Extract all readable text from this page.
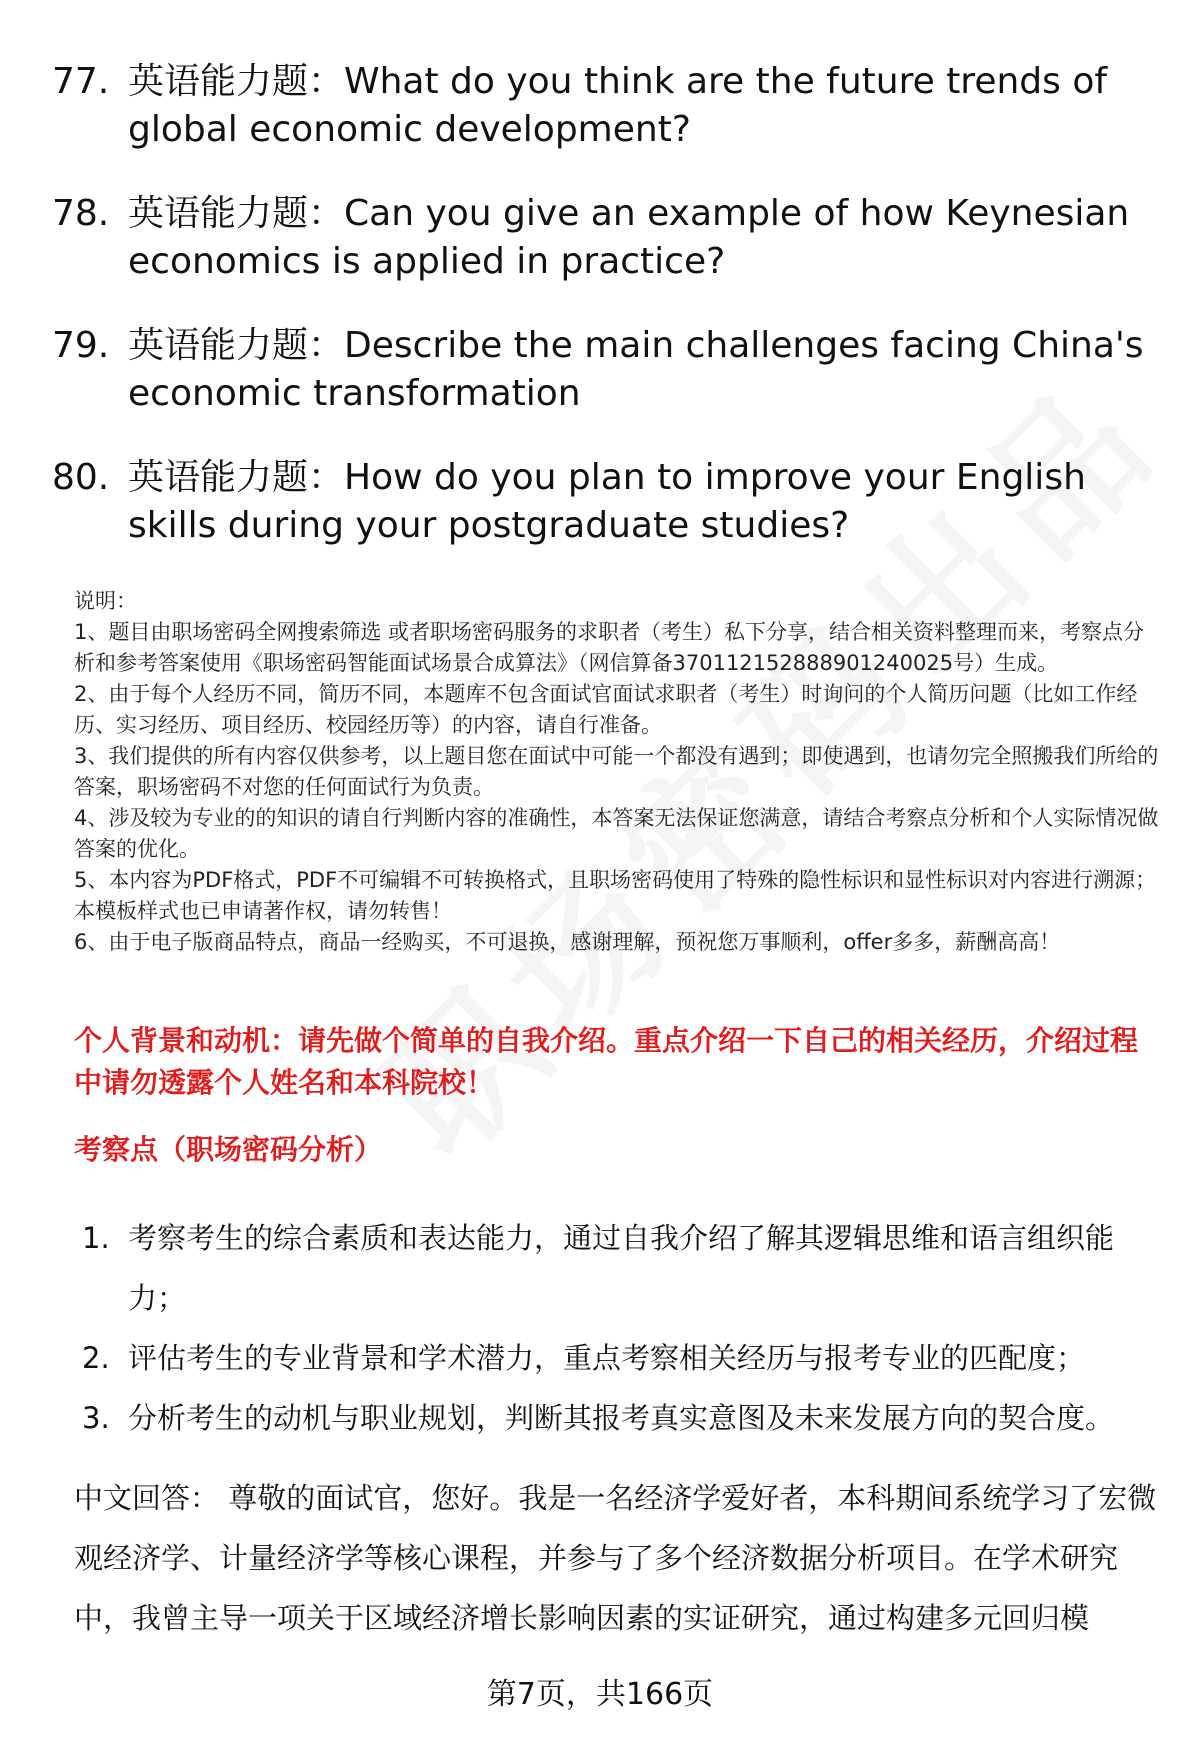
77. 英语能力题：What do you think are the future trends of global economic development?
78. 英语能力题：Can you give an example of how Keynesian economics is applied in practice?
79. 英语能力题：Describe the main challenges facing China's economic transformation
80. 英语能力题：How do you plan to improve your English skills during your postgraduate studies?

说明：

1、题目由职场密码全网搜索筛选 或者职场密码服务的求职者（考生）私下分享，结合相关资料整理而来，考察点分析和参考答案使用《职场密码智能面试场景合成算法》（网信算备370112152888901240025号）生成。

2、由于每个人经历不同，简历不同，本题库不包含面试官面试求职者（考生）时询问的个人简历问题（比如工作经历、实习经历、项目经历、校园经历等）的内容，请自行准备。

3、我们提供的所有内容仅供参考，以上题目您在面试中可能一个都没有遇到；即使遇到，也请勿完全照搬我们所给的答案，职场密码不对您的任何面试行为负责。

4、涉及较为专业的的知识的请自行判断内容的准确性，本答案无法保证您满意，请结合考察点分析和个人实际情况做答案的优化。

5、本内容为PDF格式，PDF不可编辑不可转换格式，且职场密码使用了特殊的隐性标识和显性标识对内容进行溯源；本模板样式也已申请著作权，请勿转售！

6、由于电子版商品特点，商品一经购买，不可退换，感谢理解，预祝您万事顺利，offer多多，薪酬高高！

个人背景和动机：请先做个简单的自我介绍。重点介绍一下自己的相关经历，介绍过程中请勿透露个人姓名和本科院校！
考察点（职场密码分析）
1. 考察考生的综合素质和表达能力，通过自我介绍了解其逻辑思维和语言组织能力；
2. 评估考生的专业背景和学术潜力，重点考察相关经历与报考专业的匹配度；
3. 分析考生的动机与职业规划，判断其报考真实意图及未来发展方向的契合度。
中文回答： 尊敬的面试官，您好。我是一名经济学爱好者，本科期间系统学习了宏微观经济学、计量经济学等核心课程，并参与了多个经济数据分析项目。在学术研究中，我曾主导一项关于区域经济增长影响因素的实证研究，通过构建多元回归模
第7页，共166页
